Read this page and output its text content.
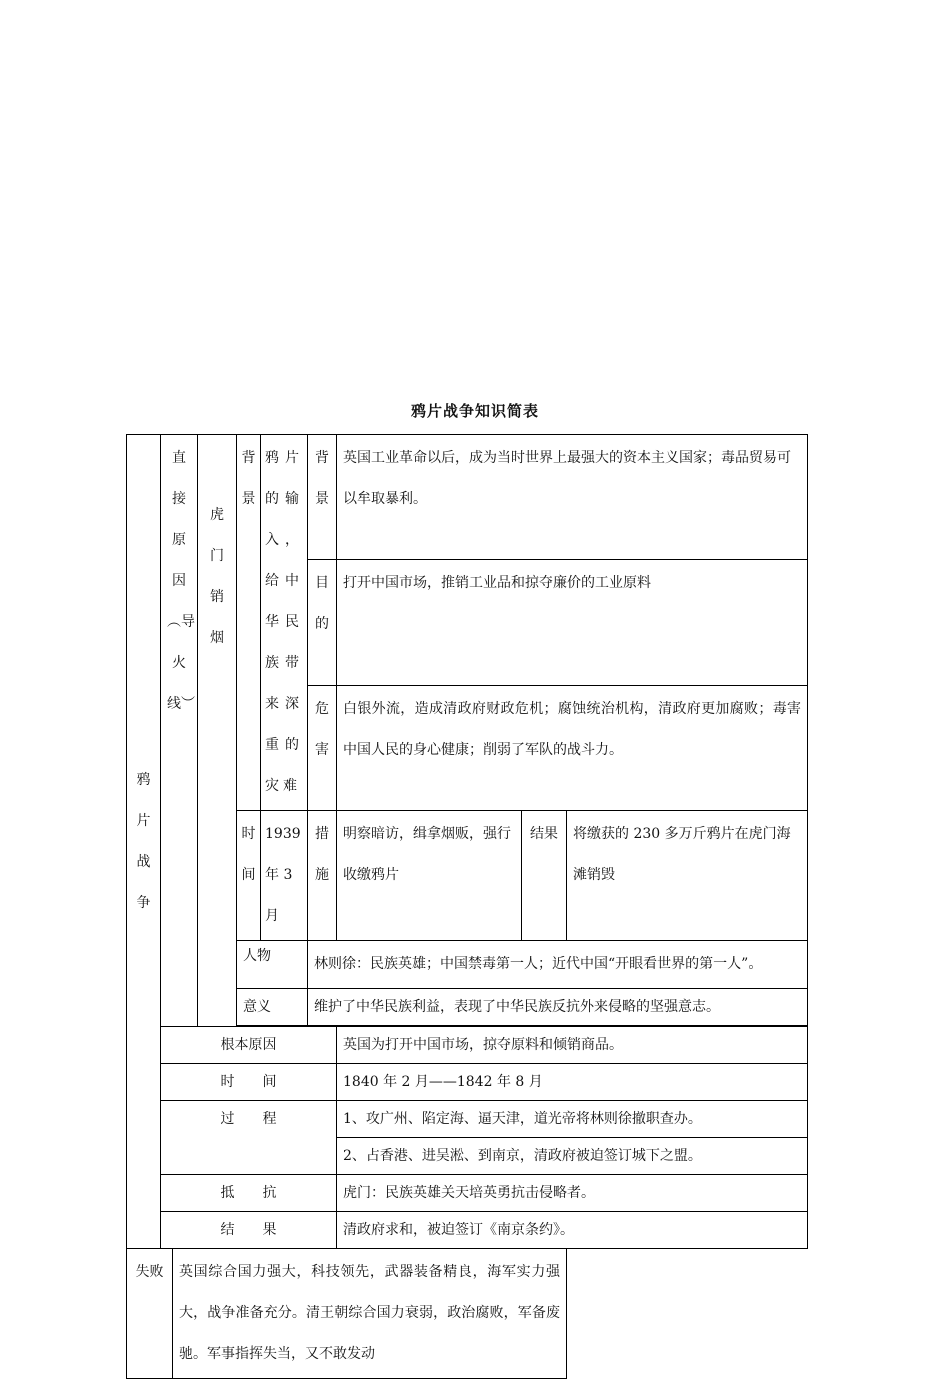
鸦片战争知识简表
鸦片战争	直接原因︵导火线︶		虎门销烟	背景	鸦片的输入，给中华民族带来深重的灾难	背景	英国工业革命以后，成为当时世界上最强大的资本主义国家；毒品贸易可以牟取暴利。		

						目的	打开中国市场，推销工业品和掠夺廉价的工业原料		

						危害	白银外流，造成清政府财政危机；腐蚀统治机构，清政府更加腐败；毒害中国人民的身心健康；削弱了军队的战斗力。		

				时间	1939 年 3月	措施	明察暗访，缉拿烟贩，强行收缴鸦片	结果	将缴获的 230 多万斤鸦片在虎门海滩销毁
				人物		林则徐：民族英雄；中国禁毒第一人；近代中国“开眼看世界的第一人”。			
				意义		维护了中华民族利益，表现了中华民族反抗外来侵略的坚强意志。			

	根本原因						英国为打开中国市场，掠夺原料和倾销商品。		
	时　　间						1840 年 2 月——1842 年 8 月		
	过　　程						1、攻广州、陷定海、逼天津，道光帝将林则徐撤职查办。		
							2、占香港、进吴淞、到南京，清政府被迫签订城下之盟。		
	抵　　抗						虎门：民族英雄关天培英勇抗击侵略者。		
	结　　果						清政府求和，被迫签订《南京条约》。		

失败		英国综合国力强大，科技领先，武器装备精良，海军实力强大，战争准备充分。清王朝综合国力衰弱，政治腐败，军备废驰。军事指挥失当，又不敢发动							
